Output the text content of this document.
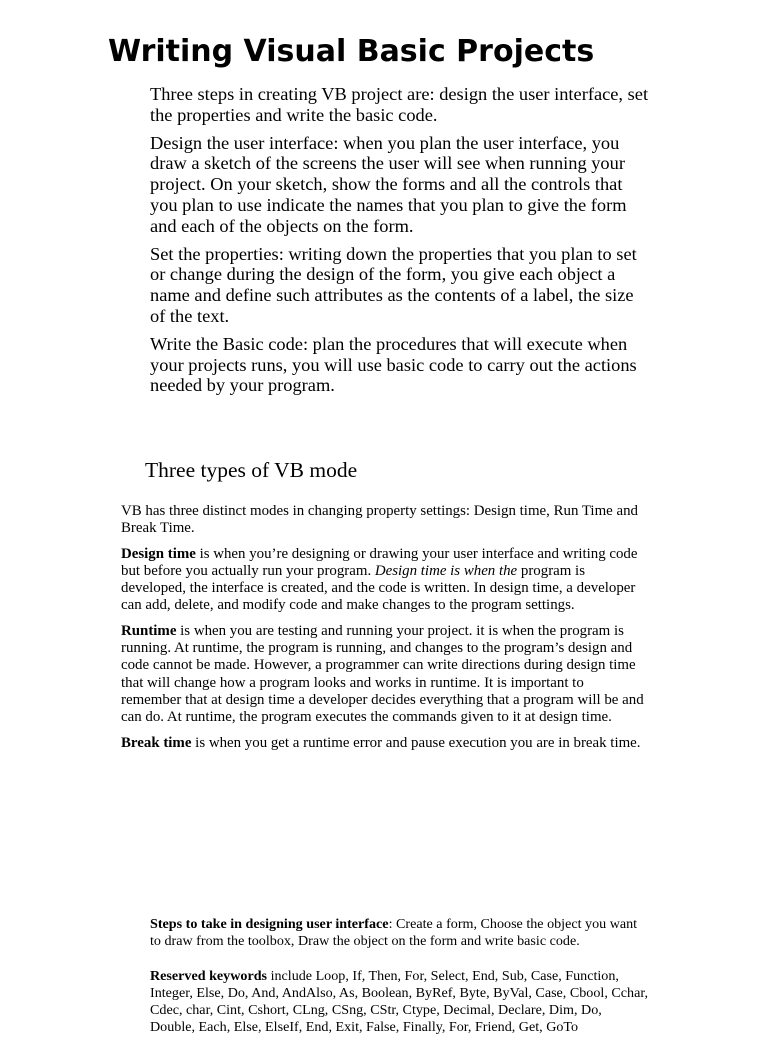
Writing Visual Basic Projects

Three steps in creating VB project are: design the user interface, set the properties and write the basic code.

Design the user interface: when you plan the user interface, you draw a sketch of the screens the user will see when running your project. On your sketch, show the forms and all the controls that you plan to use indicate the names that you plan to give the form and each of the objects on the form.

Set the properties: writing down the properties that you plan to set or change during the design of the form, you give each object a name and define such attributes as the contents of a label, the size of the text.

Write the Basic code: plan the procedures that will execute when your projects runs, you will use basic code to carry out the actions needed by your program.

Three types of VB mode

VB has three distinct modes in changing property settings: Design time, Run Time and Break Time.

Design time is when you’re designing or drawing your user interface and writing code but before you actually run your program. Design time is when the program is developed, the interface is created, and the code is written. In design time, a developer can add, delete, and modify code and make changes to the program settings.

Runtime is when you are testing and running your project. it is when the program is running. At runtime, the program is running, and changes to the program’s design and code cannot be made. However, a programmer can write directions during design time that will change how a program looks and works in runtime. It is important to remember that at design time a developer decides everything that a program will be and can do. At runtime, the program executes the commands given to it at design time.

Break time is when you get a runtime error and pause execution you are in break time.

Steps to take in designing user interface: Create a form, Choose the object you want to draw from the toolbox, Draw the object on the form and write basic code.

Reserved keywords include Loop, If, Then, For, Select, End, Sub, Case, Function, Integer, Else, Do, And, AndAlso, As, Boolean, ByRef, Byte, ByVal, Case, Cbool, Cchar, Cdec, char, Cint, Cshort, CLng, CSng, CStr, Ctype, Decimal, Declare, Dim, Do, Double, Each, Else, ElseIf, End, Exit, False, Finally, For, Friend, Get, GoTo
